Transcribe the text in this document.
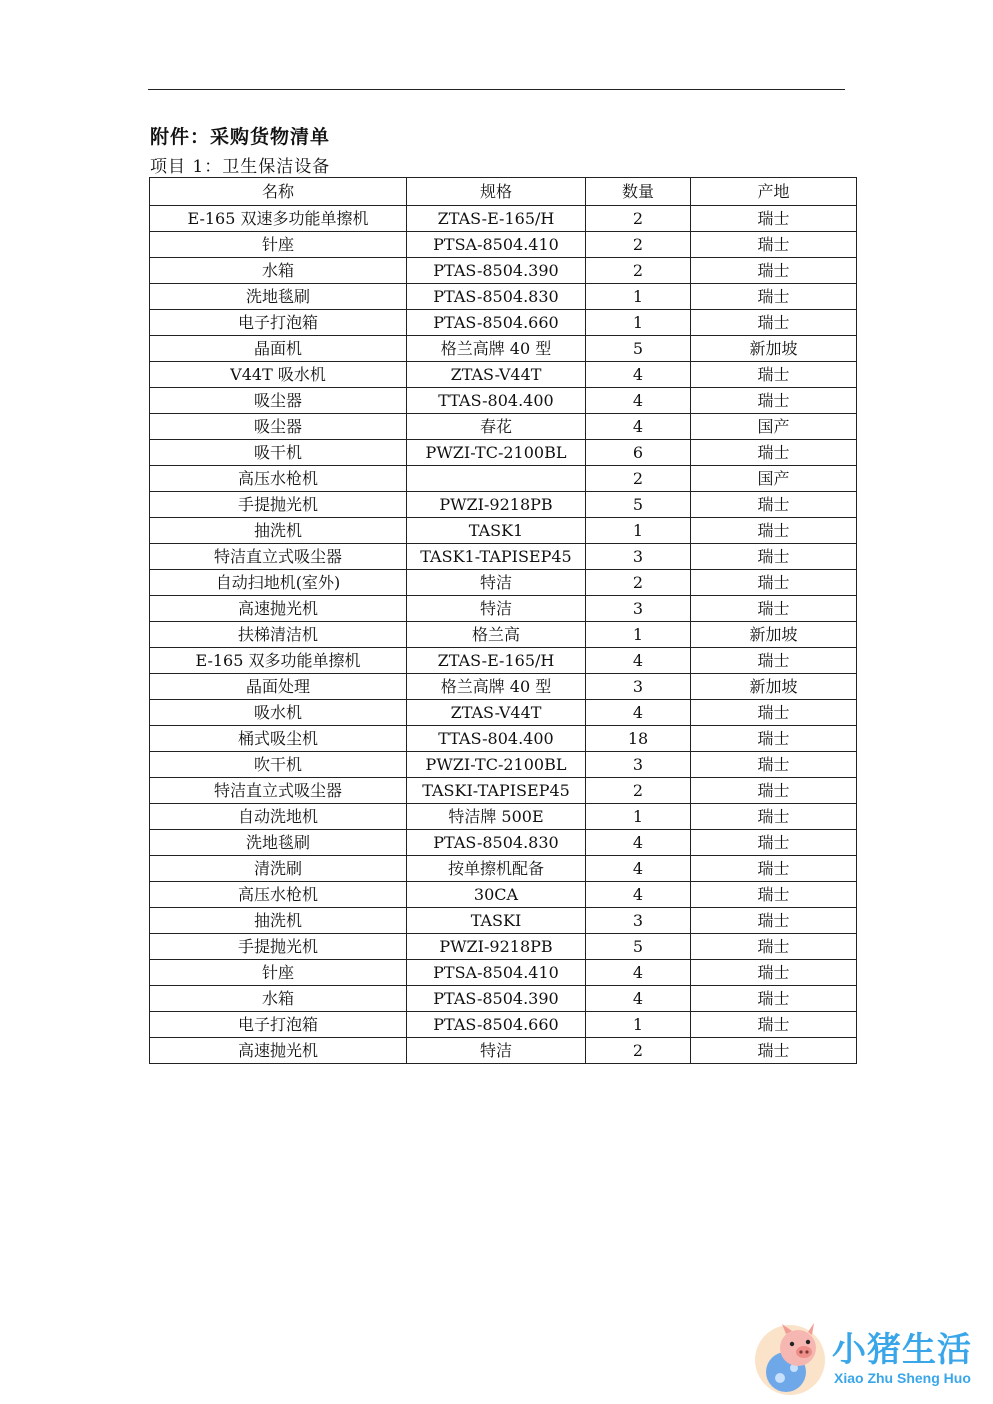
附件：采购货物清单
项目 1：卫生保洁设备
名称	规格	数量	产地
E-165 双速多功能单擦机	ZTAS-E-165/H	2	瑞士
针座	PTSA-8504.410	2	瑞士
水箱	PTAS-8504.390	2	瑞士
洗地毯刷	PTAS-8504.830	1	瑞士
电子打泡箱	PTAS-8504.660	1	瑞士
晶面机	格兰高牌 40 型	5	新加坡
V44T 吸水机	ZTAS-V44T	4	瑞士
吸尘器	TTAS-804.400	4	瑞士
吸尘器	春花	4	国产
吸干机	PWZI-TC-2100BL	6	瑞士
高压水枪机		2	国产
手提抛光机	PWZI-9218PB	5	瑞士
抽洗机	TASK1	1	瑞士
特洁直立式吸尘器	TASK1-TAPISEP45	3	瑞士
自动扫地机(室外)	特洁	2	瑞士
高速抛光机	特洁	3	瑞士
扶梯清洁机	格兰高	1	新加坡
E-165 双多功能单擦机	ZTAS-E-165/H	4	瑞士
晶面处理	格兰高牌 40 型	3	新加坡
吸水机	ZTAS-V44T	4	瑞士
桶式吸尘机	TTAS-804.400	18	瑞士
吹干机	PWZI-TC-2100BL	3	瑞士
特洁直立式吸尘器	TASKI-TAPISEP45	2	瑞士
自动洗地机	特洁牌 500E	1	瑞士
洗地毯刷	PTAS-8504.830	4	瑞士
清洗刷	按单擦机配备	4	瑞士
高压水枪机	30CA	4	瑞士
抽洗机	TASKI	3	瑞士
手提抛光机	PWZI-9218PB	5	瑞士
针座	PTSA-8504.410	4	瑞士
水箱	PTAS-8504.390	4	瑞士
电子打泡箱	PTAS-8504.660	1	瑞士
高速抛光机	特洁	2	瑞士
小猪生活
Xiao Zhu Sheng Huo
